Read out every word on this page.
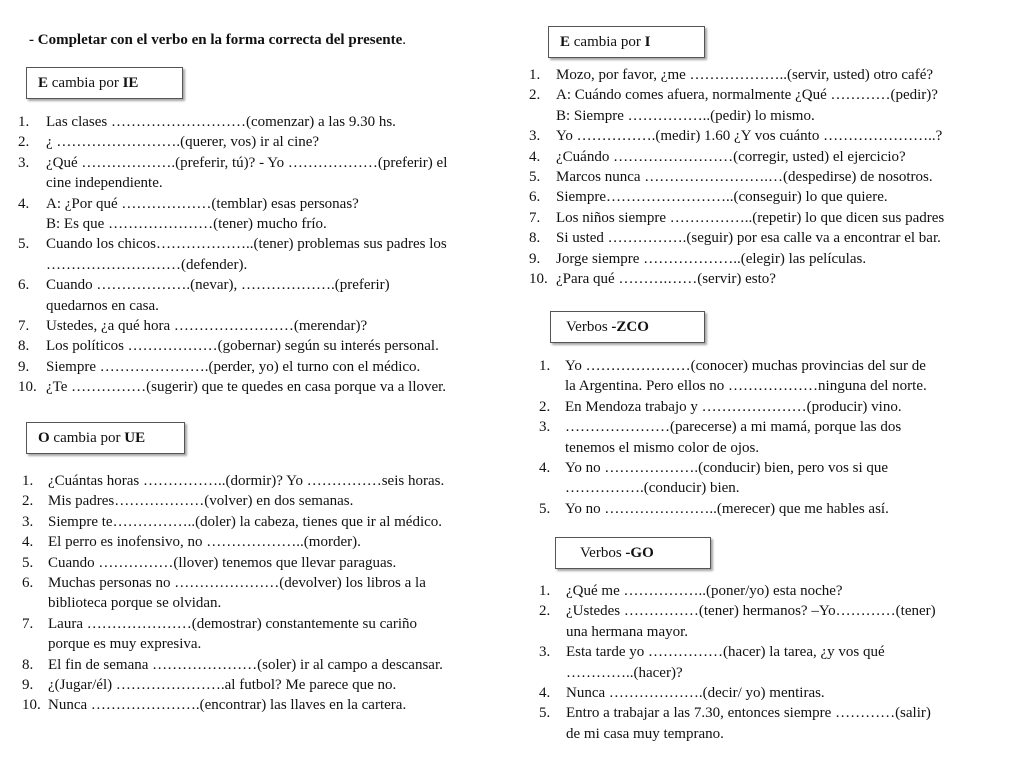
- Completar con el verbo en la forma correcta del presente.
E cambia por IE
O cambia por UE
E cambia por I
Verbos -ZCO
Verbos -GO
1. Las clases ………………………(comenzar) a las 9.30 hs.
2. ¿ …………………….(querer, vos) ir al cine?
3. ¿Qué ……………….(preferir, tú)? - Yo ………………(preferir) el
cine independiente.
4. A: ¿Por qué ………………(temblar) esas personas?
B: Es que …………………(tener) mucho frío.
5. Cuando los chicos………………..(tener) problemas sus padres los
………………………(defender).
6. Cuando ……………….(nevar), ……………….(preferir)
quedarnos en casa.
7. Ustedes, ¿a qué hora ……………………(merendar)?
8. Los políticos ………………(gobernar) según su interés personal.
9. Siempre ………………….(perder, yo) el turno con el médico.
10. ¿Te ……………(sugerir) que te quedes en casa porque va a llover.
1. ¿Cuántas horas ……………..(dormir)? Yo ……………seis horas.
2. Mis padres………………(volver) en dos semanas.
3. Siempre te……………..(doler) la cabeza, tienes que ir al médico.
4. El perro es inofensivo, no ………………..(morder).
5. Cuando ……………(llover) tenemos que llevar paraguas.
6. Muchas personas no …………………(devolver) los libros a la
biblioteca porque se olvidan.
7. Laura …………………(demostrar) constantemente su cariño
porque es muy expresiva.
8. El fin de semana …………………(soler) ir al campo a descansar.
9. ¿(Jugar/él) ………………….al futbol? Me parece que no.
10. Nunca ………………….(encontrar) las llaves en la cartera.
1. Mozo, por favor, ¿me ………………..(servir, usted) otro café?
2. A: Cuándo comes afuera, normalmente ¿Qué …………(pedir)?
B: Siempre ……………..(pedir) lo mismo.
3. Yo …………….(medir) 1.60 ¿Y vos cuánto …………………..?
4. ¿Cuándo ……………………(corregir, usted) el ejercicio?
5. Marcos nunca …………………….…(despedirse) de nosotros.
6. Siempre……………………..(conseguir) lo que quiere.
7. Los niños siempre ……………..(repetir) lo que dicen sus padres
8. Si usted …………….(seguir) por esa calle va a encontrar el bar.
9. Jorge siempre ………………..(elegir) las películas.
10. ¿Para qué ……….……(servir) esto?
1. Yo …………………(conocer) muchas provincias del sur de
la Argentina. Pero ellos no ………………ninguna del norte.
2. En Mendoza trabajo y …………………(producir) vino.
3. …………………(parecerse) a mi mamá, porque las dos
tenemos el mismo color de ojos.
4. Yo no ……………….(conducir) bien, pero vos si que
…………….(conducir) bien.
5. Yo no …………………..(merecer) que me hables así.
1. ¿Qué me ……………..(poner/yo) esta noche?
2. ¿Ustedes ……………(tener) hermanos? –Yo…………(tener)
una hermana mayor.
3. Esta tarde yo ……………(hacer) la tarea, ¿y vos qué
…………..(hacer)?
4. Nunca ……………….(decir/ yo) mentiras.
5. Entro a trabajar a las 7.30, entonces siempre …………(salir)
de mi casa muy temprano.
